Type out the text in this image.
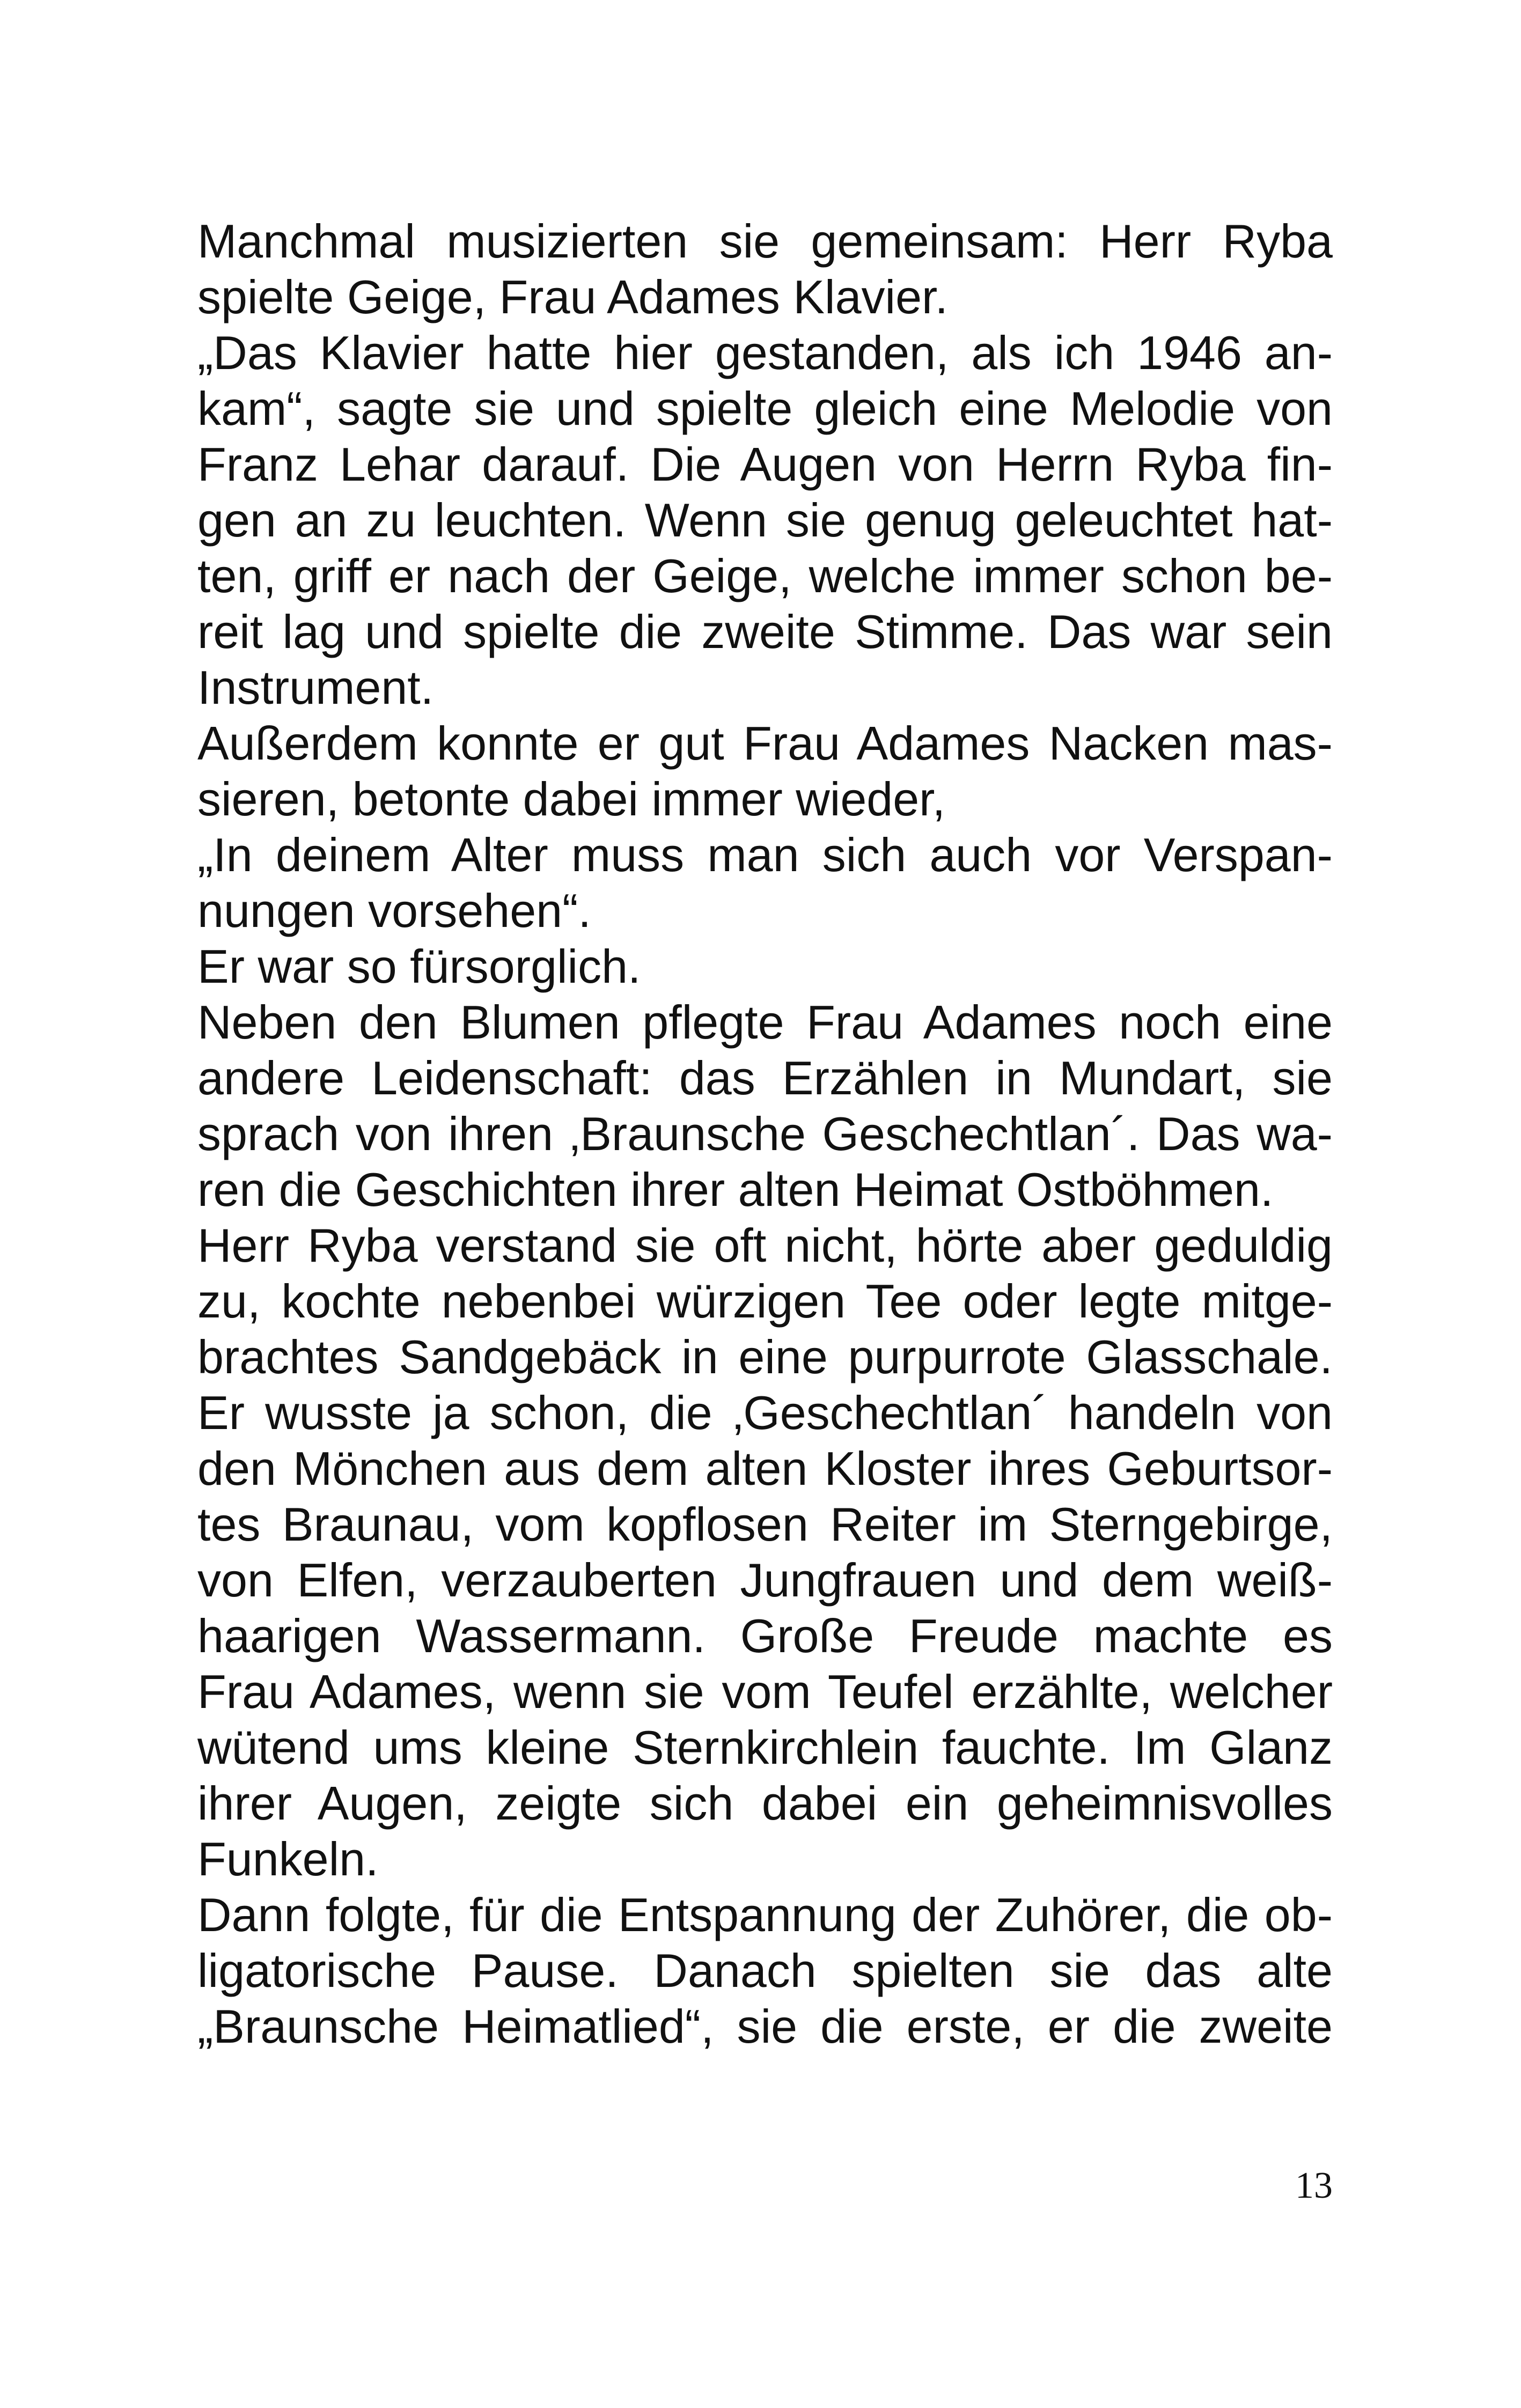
Manchmal musizierten sie gemeinsam: Herr Ryba
spielte Geige, Frau Adames Klavier.
„Das Klavier hatte hier gestanden, als ich 1946 an-
kam“, sagte sie und spielte gleich eine Melodie von
Franz Lehar darauf. Die Augen von Herrn Ryba fin-
gen an zu leuchten. Wenn sie genug geleuchtet hat-
ten, griff er nach der Geige, welche immer schon be-
reit lag und spielte die zweite Stimme. Das war sein
Instrument.
Außerdem konnte er gut Frau Adames Nacken mas-
sieren, betonte dabei immer wieder,
„In deinem Alter muss man sich auch vor Verspan-
nungen vorsehen“.
Er war so fürsorglich.
Neben den Blumen pflegte Frau Adames noch eine
andere Leidenschaft: das Erzählen in Mundart, sie
sprach von ihren ‚Braunsche Geschechtlan´. Das wa-
ren die Geschichten ihrer alten Heimat Ostböhmen.
Herr Ryba verstand sie oft nicht, hörte aber geduldig
zu, kochte nebenbei würzigen Tee oder legte mitge-
brachtes Sandgebäck in eine purpurrote Glasschale.
Er wusste ja schon, die ‚Geschechtlan´ handeln von
den Mönchen aus dem alten Kloster ihres Geburtsor-
tes Braunau, vom kopflosen Reiter im Sterngebirge,
von Elfen, verzauberten Jungfrauen und dem weiß-
haarigen Wassermann. Große Freude machte es
Frau Adames, wenn sie vom Teufel erzählte, welcher
wütend ums kleine Sternkirchlein fauchte. Im Glanz
ihrer Augen, zeigte sich dabei ein geheimnisvolles
Funkeln.
Dann folgte, für die Entspannung der Zuhörer, die ob-
ligatorische Pause. Danach spielten sie das alte
„Braunsche Heimatlied“, sie die erste, er die zweite
13
